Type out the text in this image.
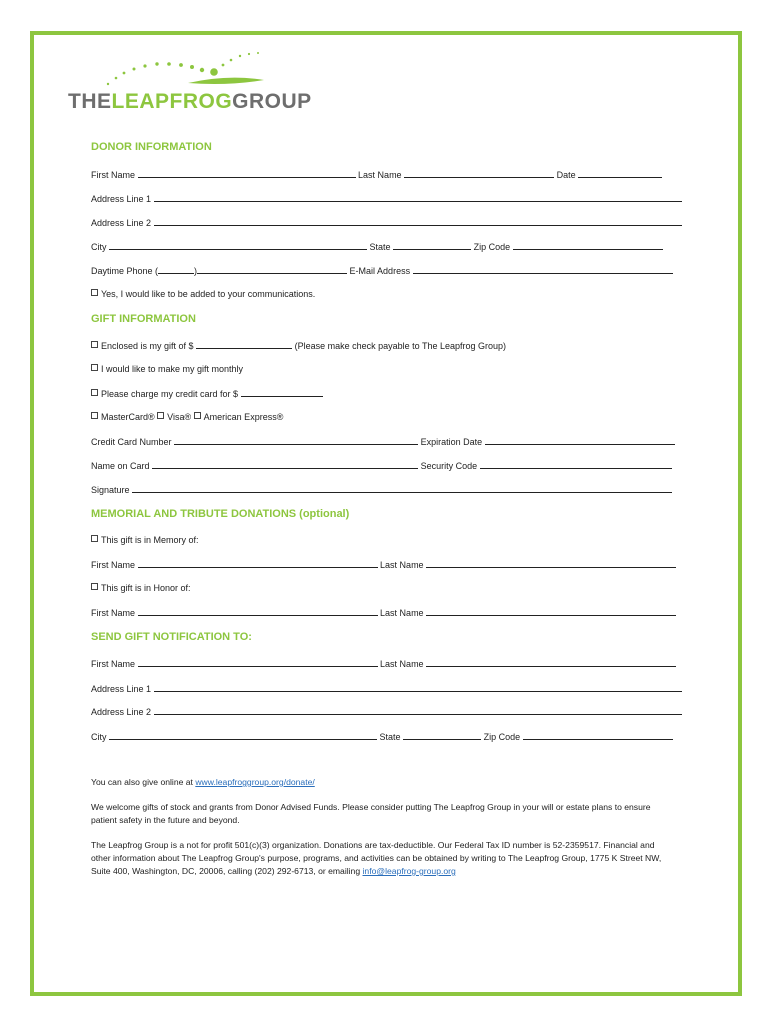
THELEAPFROGGROUP
DONOR INFORMATION
First Name	Last Name	Date
Address Line 1
Address Line 2
City	State	Zip Code
Daytime Phone (	)	E-Mail Address
Yes, I would like to be added to your communications.
GIFT INFORMATION
Enclosed is my gift of $	(Please make check payable to The Leapfrog Group)
I would like to make my gift monthly
Please charge my credit card for $
MasterCard® Visa® American Express®
Credit Card Number	Expiration Date
Name on Card	Security Code
Signature
MEMORIAL AND TRIBUTE DONATIONS (optional)
This gift is in Memory of:
First Name	Last Name
This gift is in Honor of:
First Name	Last Name
SEND GIFT NOTIFICATION TO:
First Name	Last Name
Address Line 1
Address Line 2
City	State	Zip Code
You can also give online at www.leapfroggroup.org/donate/
We welcome gifts of stock and grants from Donor Advised Funds. Please consider putting The Leapfrog Group in your will or estate plans to ensure patient safety in the future and beyond.
The Leapfrog Group is a not for profit 501(c)(3) organization. Donations are tax-deductible. Our Federal Tax ID number is 52-2359517. Financial and other information about The Leapfrog Group's purpose, programs, and activities can be obtained by writing to The Leapfrog Group, 1775 K Street NW, Suite 400, Washington, DC, 20006, calling (202) 292-6713, or emailing info@leapfrog-group.org
